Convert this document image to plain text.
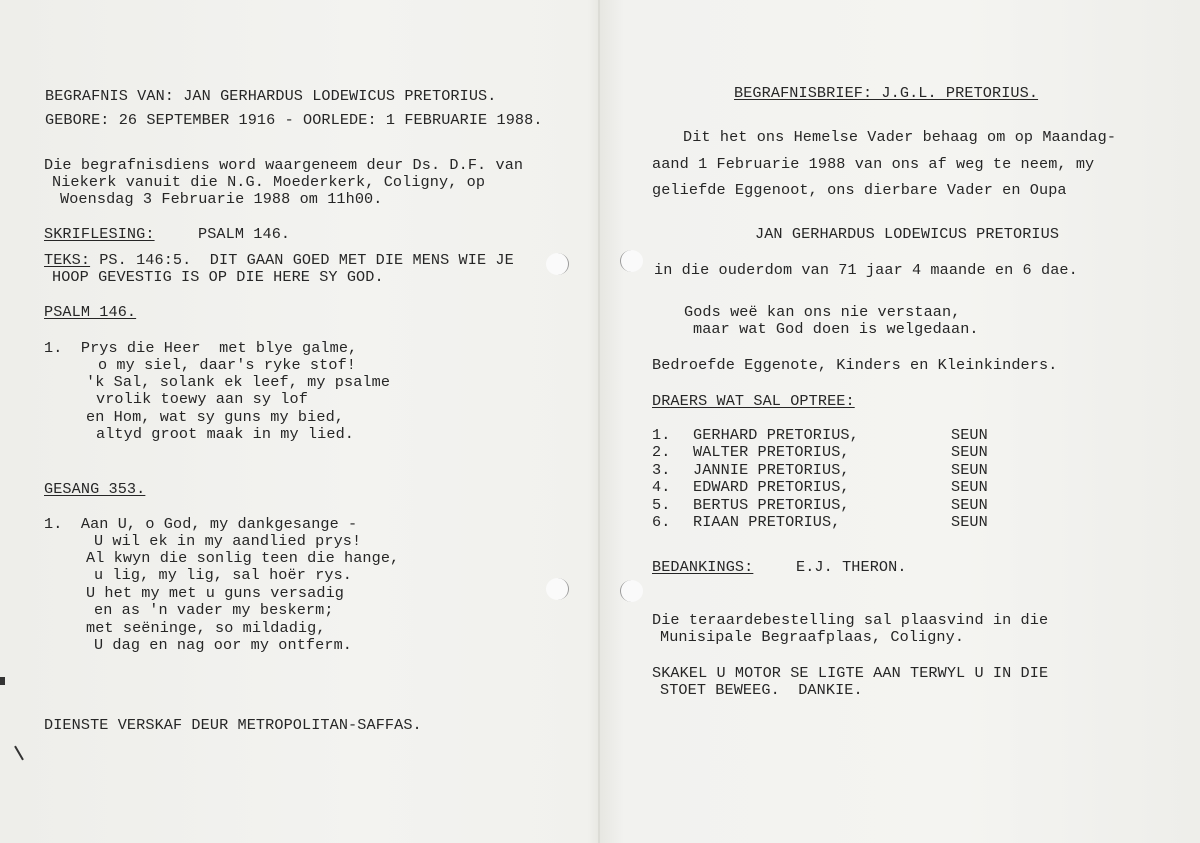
BEGRAFNIS VAN: JAN GERHARDUS LODEWICUS PRETORIUS.
GEBORE: 26 SEPTEMBER 1916 - OORLEDE: 1 FEBRUARIE 1988.
Die begrafnisdiens word waargeneem deur Ds. D.F. van
Niekerk vanuit die N.G. Moederkerk, Coligny, op
Woensdag 3 Februarie 1988 om 11h00.
SKRIFLESING:	PSALM 146.
TEKS: PS. 146:5.  DIT GAAN GOED MET DIE MENS WIE JE
HOOP GEVESTIG IS OP DIE HERE SY GOD.
PSALM 146.
1.  Prys die Heer  met blye galme,
o my siel, daar's ryke stof!
'k Sal, solank ek leef, my psalme
vrolik toewy aan sy lof
en Hom, wat sy guns my bied,
altyd groot maak in my lied.
GESANG 353.
1.  Aan U, o God, my dankgesange -
U wil ek in my aandlied prys!
Al kwyn die sonlig teen die hange,
u lig, my lig, sal hoër rys.
U het my met u guns versadig
en as 'n vader my beskerm;
met seëninge, so mildadig,
U dag en nag oor my ontferm.
DIENSTE VERSKAF DEUR METROPOLITAN-SAFFAS.
BEGRAFNISBRIEF: J.G.L. PRETORIUS.
Dit het ons Hemelse Vader behaag om op Maandag-
aand 1 Februarie 1988 van ons af weg te neem, my
geliefde Eggenoot, ons dierbare Vader en Oupa
JAN GERHARDUS LODEWICUS PRETORIUS
in die ouderdom van 71 jaar 4 maande en 6 dae.
Gods weë kan ons nie verstaan,
maar wat God doen is welgedaan.
Bedroefde Eggenote, Kinders en Kleinkinders.
DRAERS WAT SAL OPTREE:
1. GERHARD PRETORIUS,	SEUN
2. WALTER PRETORIUS,	SEUN
3. JANNIE PRETORIUS,	SEUN
4. EDWARD PRETORIUS,	SEUN
5. BERTUS PRETORIUS,	SEUN
6. RIAAN PRETORIUS,	SEUN
BEDANKINGS:	E.J. THERON.
Die teraardebestelling sal plaasvind in die
Munisipale Begraafplaas, Coligny.
SKAKEL U MOTOR SE LIGTE AAN TERWYL U IN DIE
STOET BEWEEG.  DANKIE.
